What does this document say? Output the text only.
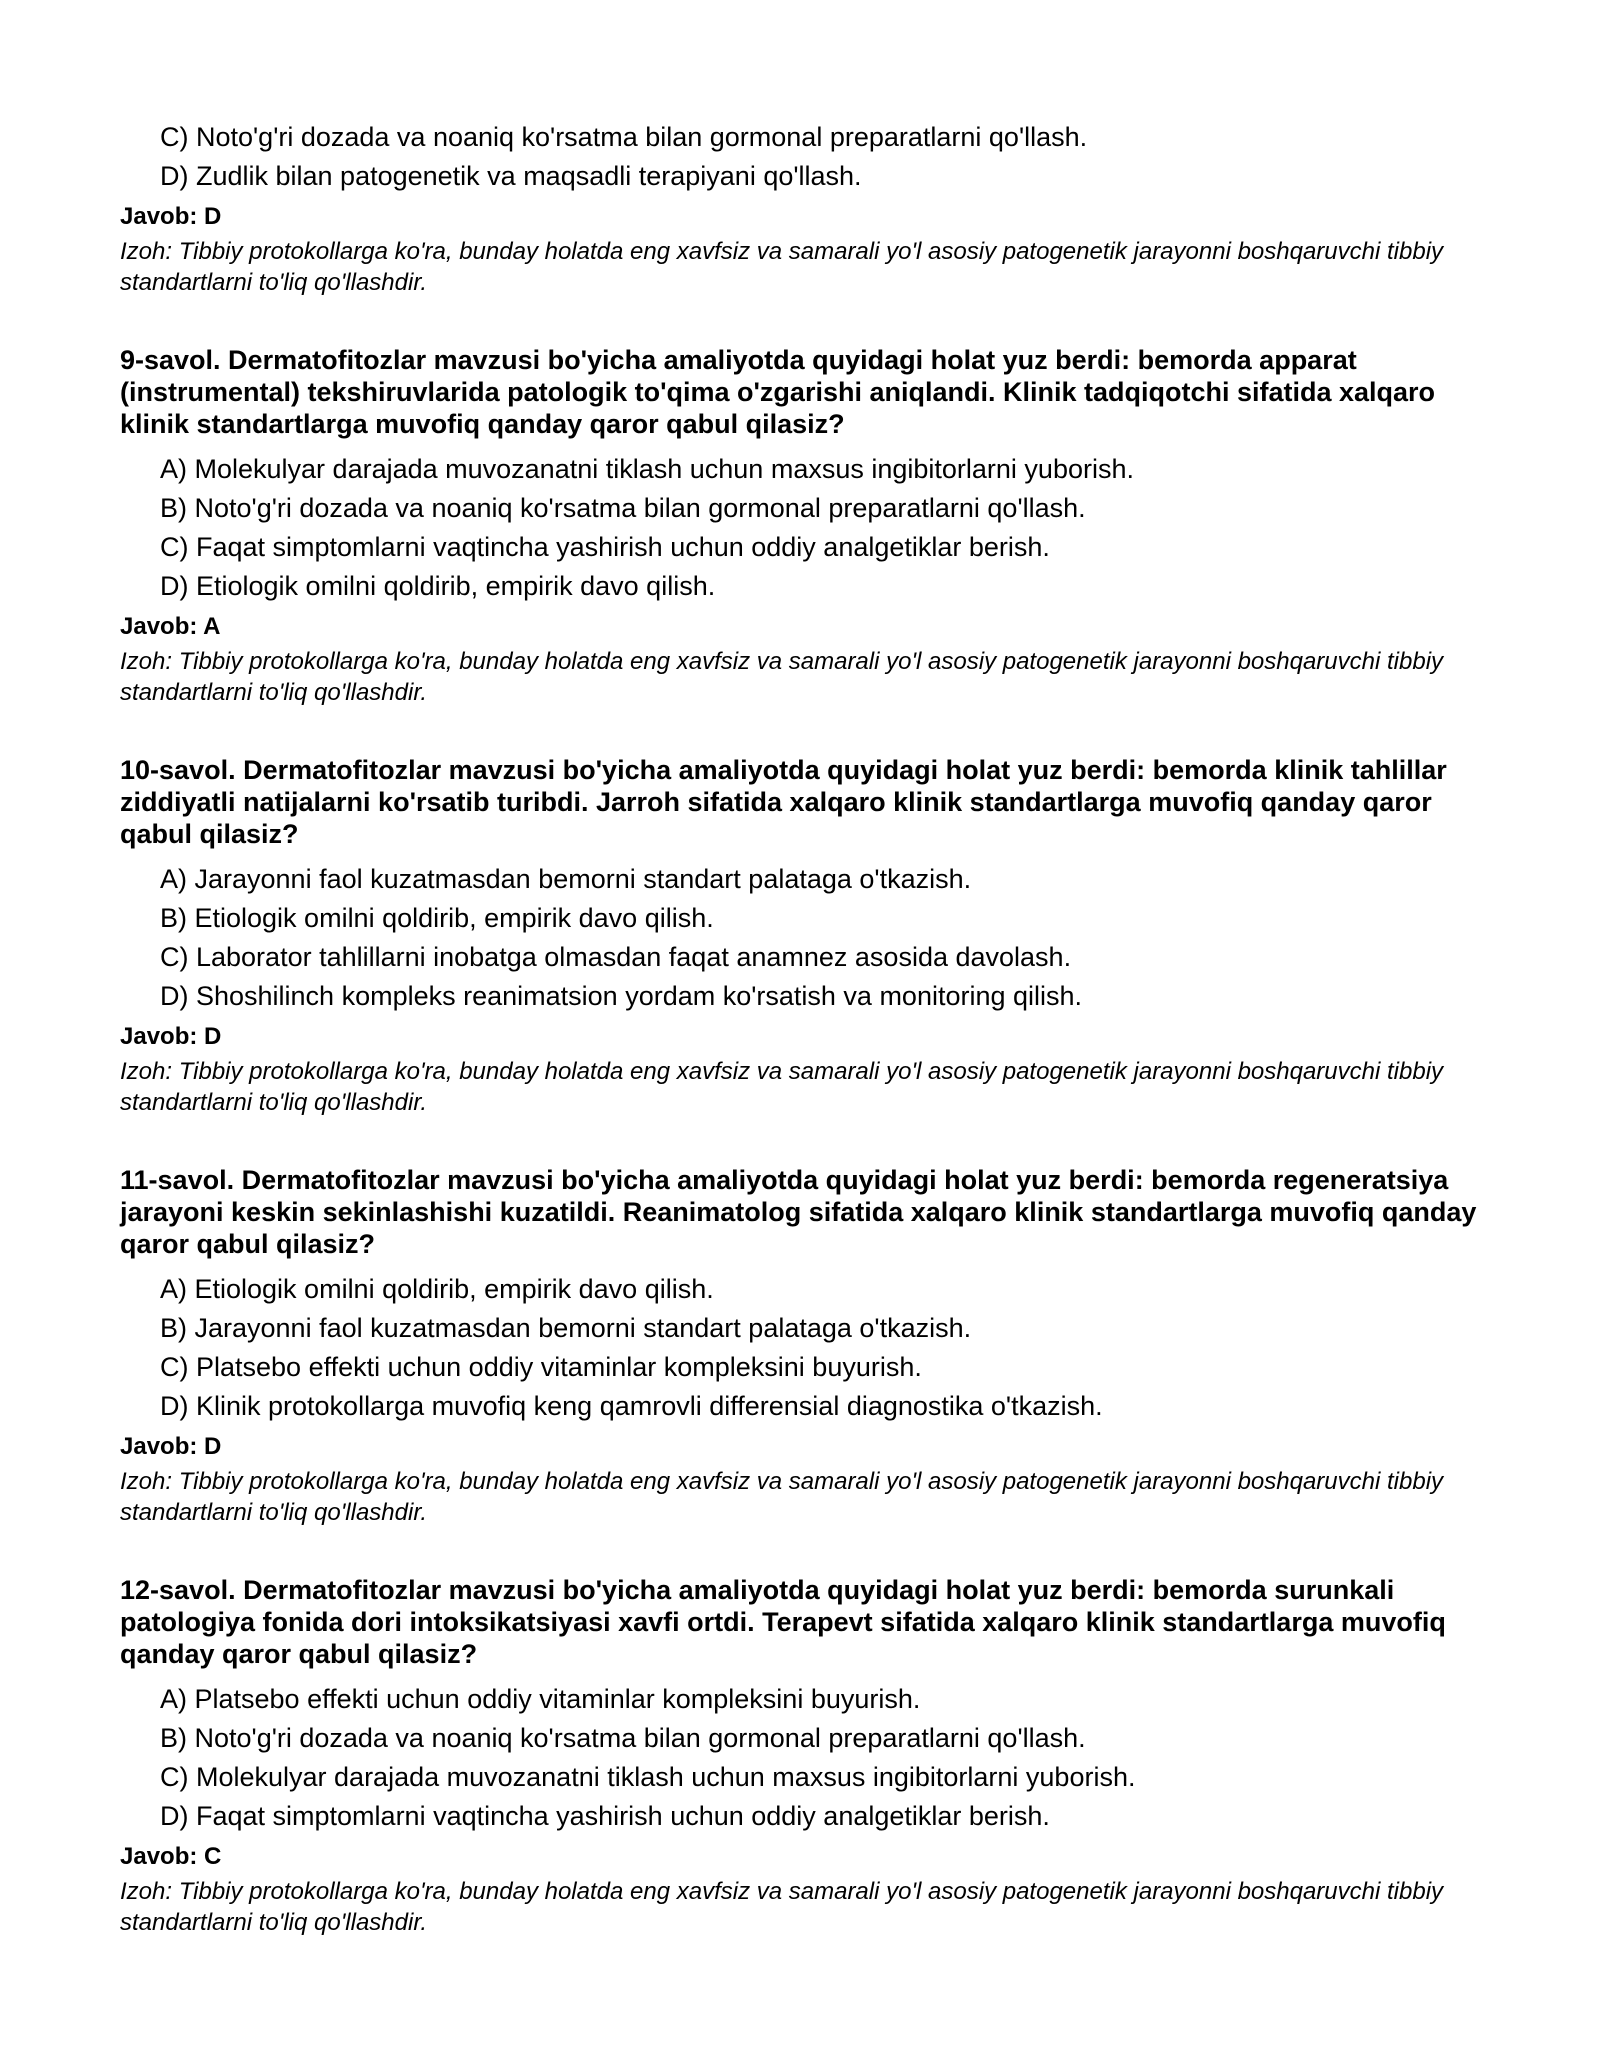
C) Noto'g'ri dozada va noaniq ko'rsatma bilan gormonal preparatlarni qo'llash.
D) Zudlik bilan patogenetik va maqsadli terapiyani qo'llash.
Javob: D
Izoh: Tibbiy protokollarga ko'ra, bunday holatda eng xavfsiz va samarali yo'l asosiy patogenetik jarayonni boshqaruvchi tibbiy standartlarni to'liq qo'llashdir.
9-savol. Dermatofitozlar mavzusi bo'yicha amaliyotda quyidagi holat yuz berdi: bemorda apparat (instrumental) tekshiruvlarida patologik to'qima o'zgarishi aniqlandi. Klinik tadqiqotchi sifatida xalqaro klinik standartlarga muvofiq qanday qaror qabul qilasiz?
A) Molekulyar darajada muvozanatni tiklash uchun maxsus ingibitorlarni yuborish.
B) Noto'g'ri dozada va noaniq ko'rsatma bilan gormonal preparatlarni qo'llash.
C) Faqat simptomlarni vaqtincha yashirish uchun oddiy analgetiklar berish.
D) Etiologik omilni qoldirib, empirik davo qilish.
Javob: A
Izoh: Tibbiy protokollarga ko'ra, bunday holatda eng xavfsiz va samarali yo'l asosiy patogenetik jarayonni boshqaruvchi tibbiy standartlarni to'liq qo'llashdir.
10-savol. Dermatofitozlar mavzusi bo'yicha amaliyotda quyidagi holat yuz berdi: bemorda klinik tahlillar ziddiyatli natijalarni ko'rsatib turibdi. Jarroh sifatida xalqaro klinik standartlarga muvofiq qanday qaror qabul qilasiz?
A) Jarayonni faol kuzatmasdan bemorni standart palataga o'tkazish.
B) Etiologik omilni qoldirib, empirik davo qilish.
C) Laborator tahlillarni inobatga olmasdan faqat anamnez asosida davolash.
D) Shoshilinch kompleks reanimatsion yordam ko'rsatish va monitoring qilish.
Javob: D
Izoh: Tibbiy protokollarga ko'ra, bunday holatda eng xavfsiz va samarali yo'l asosiy patogenetik jarayonni boshqaruvchi tibbiy standartlarni to'liq qo'llashdir.
11-savol. Dermatofitozlar mavzusi bo'yicha amaliyotda quyidagi holat yuz berdi: bemorda regeneratsiya jarayoni keskin sekinlashishi kuzatildi. Reanimatolog sifatida xalqaro klinik standartlarga muvofiq qanday qaror qabul qilasiz?
A) Etiologik omilni qoldirib, empirik davo qilish.
B) Jarayonni faol kuzatmasdan bemorni standart palataga o'tkazish.
C) Platsebo effekti uchun oddiy vitaminlar kompleksini buyurish.
D) Klinik protokollarga muvofiq keng qamrovli differensial diagnostika o'tkazish.
Javob: D
Izoh: Tibbiy protokollarga ko'ra, bunday holatda eng xavfsiz va samarali yo'l asosiy patogenetik jarayonni boshqaruvchi tibbiy standartlarni to'liq qo'llashdir.
12-savol. Dermatofitozlar mavzusi bo'yicha amaliyotda quyidagi holat yuz berdi: bemorda surunkali patologiya fonida dori intoksikatsiyasi xavfi ortdi. Terapevt sifatida xalqaro klinik standartlarga muvofiq qanday qaror qabul qilasiz?
A) Platsebo effekti uchun oddiy vitaminlar kompleksini buyurish.
B) Noto'g'ri dozada va noaniq ko'rsatma bilan gormonal preparatlarni qo'llash.
C) Molekulyar darajada muvozanatni tiklash uchun maxsus ingibitorlarni yuborish.
D) Faqat simptomlarni vaqtincha yashirish uchun oddiy analgetiklar berish.
Javob: C
Izoh: Tibbiy protokollarga ko'ra, bunday holatda eng xavfsiz va samarali yo'l asosiy patogenetik jarayonni boshqaruvchi tibbiy standartlarni to'liq qo'llashdir.
